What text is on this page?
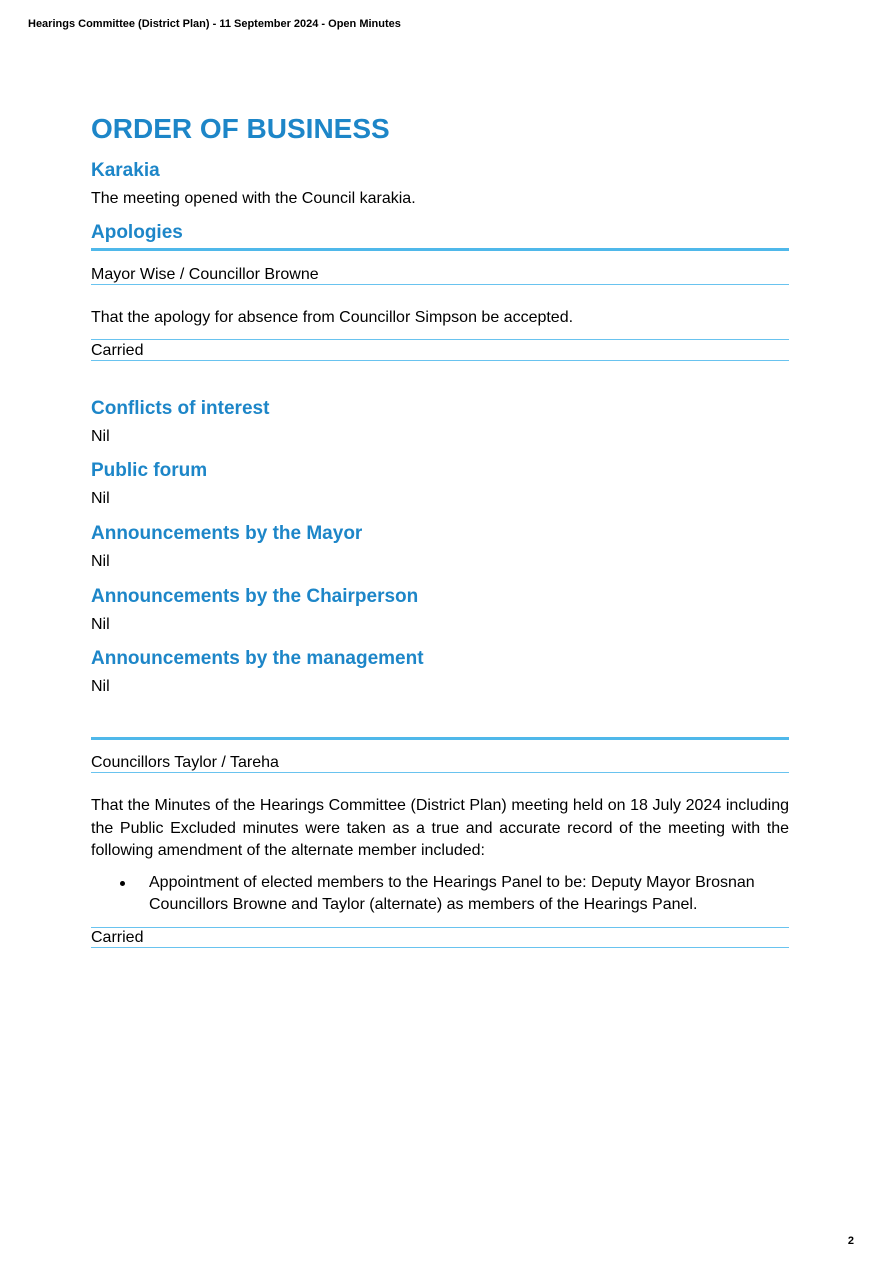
Hearings Committee (District Plan) - 11 September 2024 - Open Minutes
ORDER OF BUSINESS
Karakia
The meeting opened with the Council karakia.
Apologies
Mayor Wise / Councillor Browne
That the apology for absence from Councillor Simpson be accepted.
Carried
Conflicts of interest
Nil
Public forum
Nil
Announcements by the Mayor
Nil
Announcements by the Chairperson
Nil
Announcements by the management
Nil
Councillors Taylor / Tareha
That the Minutes of the Hearings Committee (District Plan) meeting held on 18 July 2024 including the Public Excluded minutes were taken as a true and accurate record of the meeting with the following amendment of the alternate member included:
Appointment of elected members to the Hearings Panel to be: Deputy Mayor Brosnan Councillors Browne and Taylor (alternate) as members of the Hearings Panel.
Carried
2
